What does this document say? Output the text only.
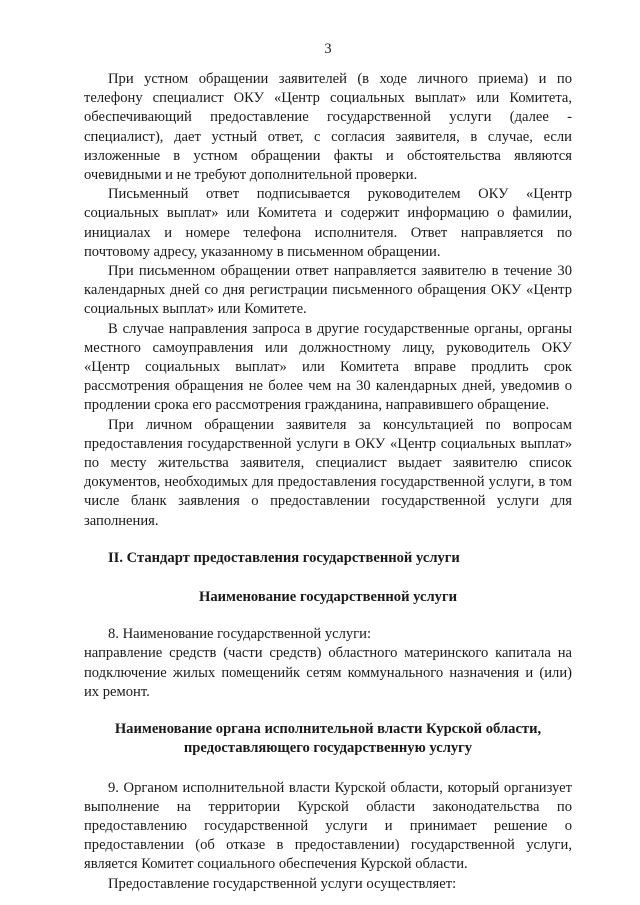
3

При устном обращении заявителей (в ходе личного приема) и по телефону специалист ОКУ «Центр социальных выплат» или Комитета, обеспечивающий предоставление государственной услуги (далее - специалист), дает устный ответ, с согласия заявителя, в случае, если изложенные в устном обращении факты и обстоятельства являются очевидными и не требуют дополнительной проверки.

Письменный ответ подписывается руководителем ОКУ «Центр социальных выплат» или Комитета и содержит информацию о фамилии, инициалах и номере телефона исполнителя. Ответ направляется по почтовому адресу, указанному в письменном обращении.

При письменном обращении ответ направляется заявителю в течение 30 календарных дней со дня регистрации письменного обращения ОКУ «Центр социальных выплат» или Комитете.

В случае направления запроса в другие государственные органы, органы местного самоуправления или должностному лицу, руководитель ОКУ «Центр социальных выплат» или Комитета вправе продлить срок рассмотрения обращения не более чем на 30 календарных дней, уведомив о продлении срока его рассмотрения гражданина, направившего обращение.

При личном обращении заявителя за консультацией по вопросам предоставления государственной услуги в ОКУ «Центр социальных выплат» по месту жительства заявителя, специалист выдает заявителю список документов, необходимых для предоставления государственной услуги, в том числе бланк заявления о предоставлении государственной услуги для заполнения.

II. Стандарт предоставления государственной услуги
Наименование государственной услуги

8. Наименование государственной услуги:

направление средств (части средств) областного материнского капитала на подключение жилых помещенийк сетям коммунального назначения и (или) их ремонт.

Наименование органа исполнительной власти Курской области,
предоставляющего государственную услугу

9. Органом исполнительной власти Курской области, который организует выполнение на территории Курской области законодательства по предоставлению государственной услуги и принимает решение о предоставлении (об отказе в предоставлении) государственной услуги, является Комитет социального обеспечения Курской области.

Предоставление государственной услуги осуществляет:
